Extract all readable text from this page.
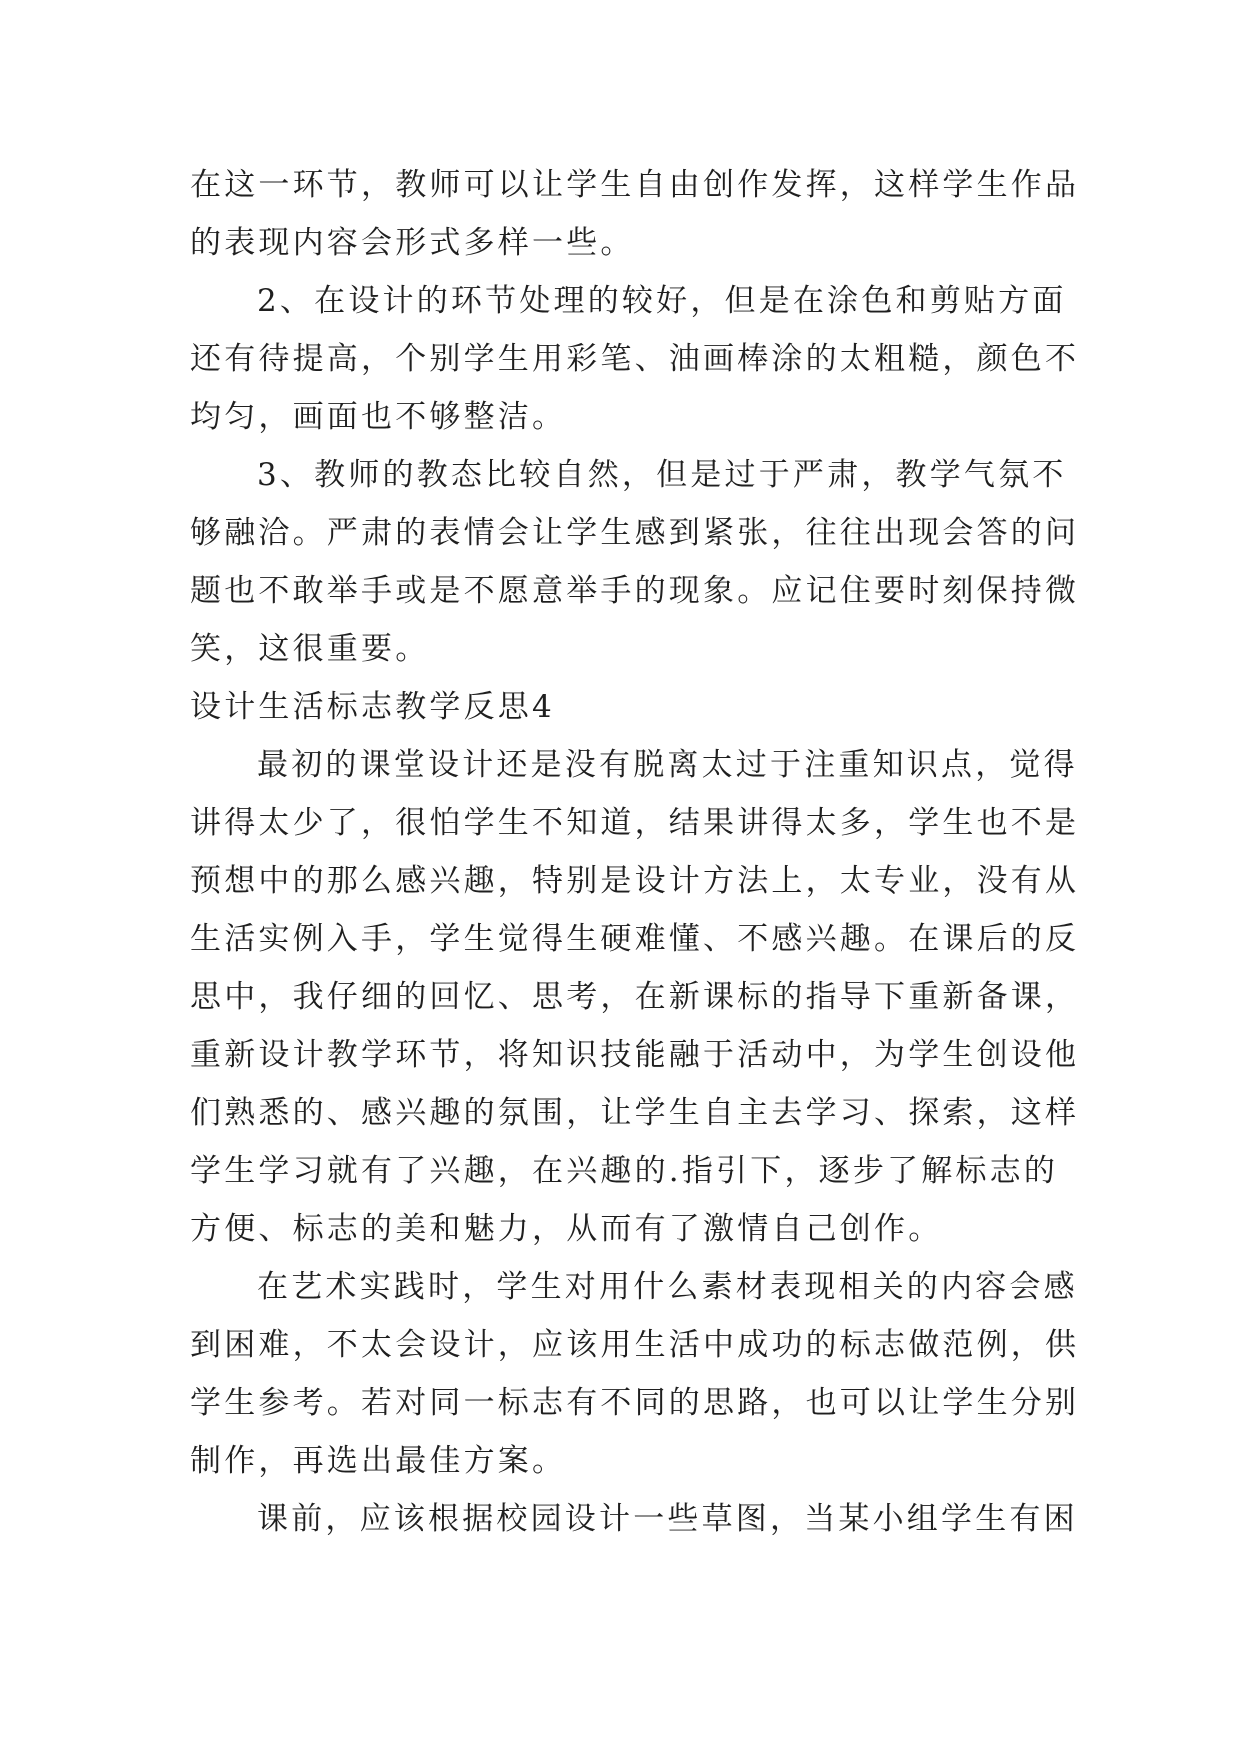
在这一环节，教师可以让学生自由创作发挥，这样学生作品
的表现内容会形式多样一些。
2、在设计的环节处理的较好，但是在涂色和剪贴方面
还有待提高，个别学生用彩笔、油画棒涂的太粗糙，颜色不
均匀，画面也不够整洁。
3、教师的教态比较自然，但是过于严肃，教学气氛不
够融洽。严肃的表情会让学生感到紧张，往往出现会答的问
题也不敢举手或是不愿意举手的现象。应记住要时刻保持微
笑，这很重要。
设计生活标志教学反思4
最初的课堂设计还是没有脱离太过于注重知识点，觉得
讲得太少了，很怕学生不知道，结果讲得太多，学生也不是
预想中的那么感兴趣，特别是设计方法上，太专业，没有从
生活实例入手，学生觉得生硬难懂、不感兴趣。在课后的反
思中，我仔细的回忆、思考，在新课标的指导下重新备课，
重新设计教学环节，将知识技能融于活动中，为学生创设他
们熟悉的、感兴趣的氛围，让学生自主去学习、探索，这样
学生学习就有了兴趣，在兴趣的.指引下，逐步了解标志的
方便、标志的美和魅力，从而有了激情自己创作。
在艺术实践时，学生对用什么素材表现相关的内容会感
到困难，不太会设计，应该用生活中成功的标志做范例，供
学生参考。若对同一标志有不同的思路，也可以让学生分别
制作，再选出最佳方案。
课前，应该根据校园设计一些草图，当某小组学生有困
